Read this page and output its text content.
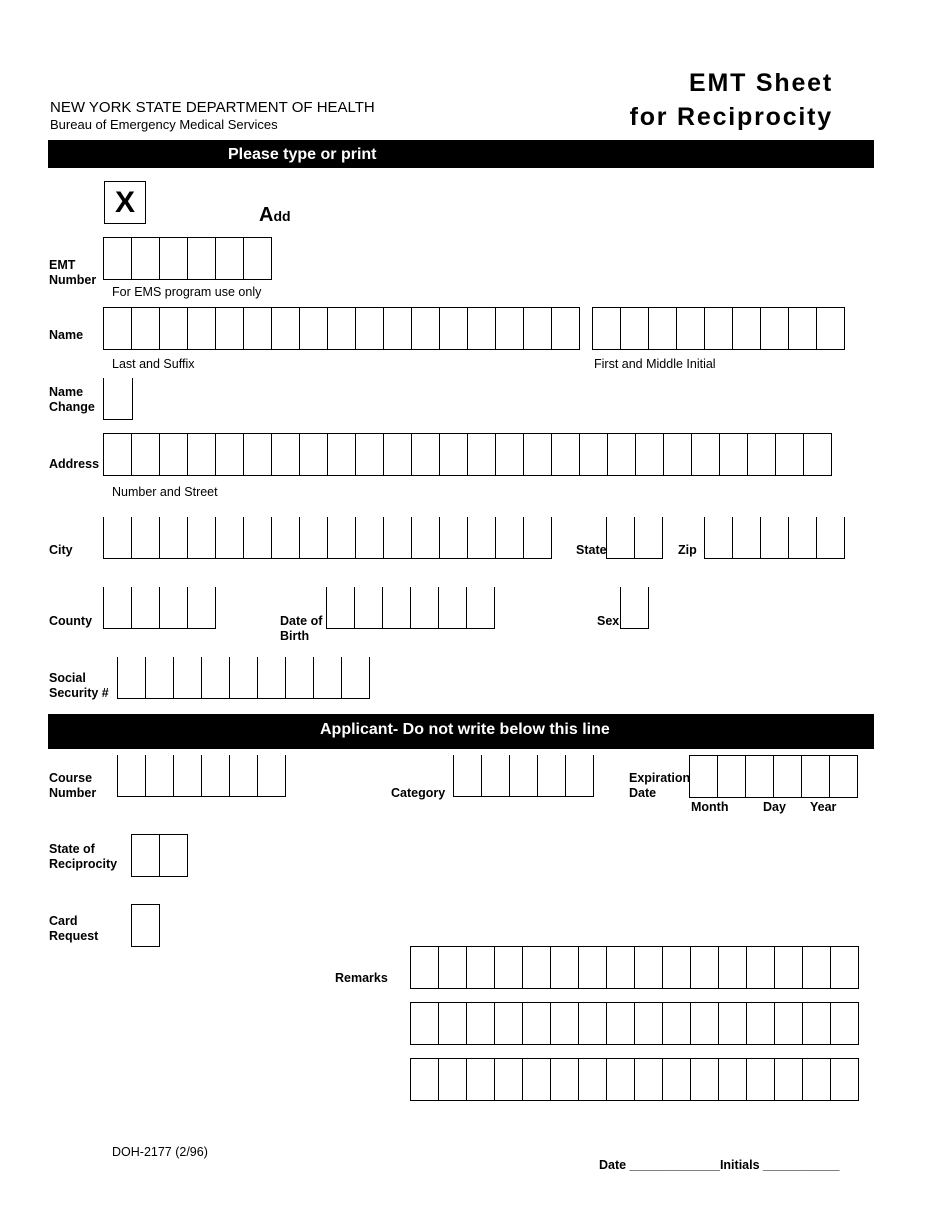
NEW YORK STATE DEPARTMENT OF HEALTH
Bureau of Emergency Medical Services
EMT Sheet
for Reciprocity
Please type or print
X	Add
EMT
Number
For EMS program use only
Name
Last and Suffix	First and Middle Initial
Name
Change
Address
Number and Street
City	State	Zip
County	Date of
Birth
Sex
Social
Security #
Applicant- Do not write below this line
Course
Number	Category
Expiration
Date
Month	Day Year
State of
Reciprocity
Card
Request
Remarks
DOH-2177 (2/96)
Date _____________Initials ___________
